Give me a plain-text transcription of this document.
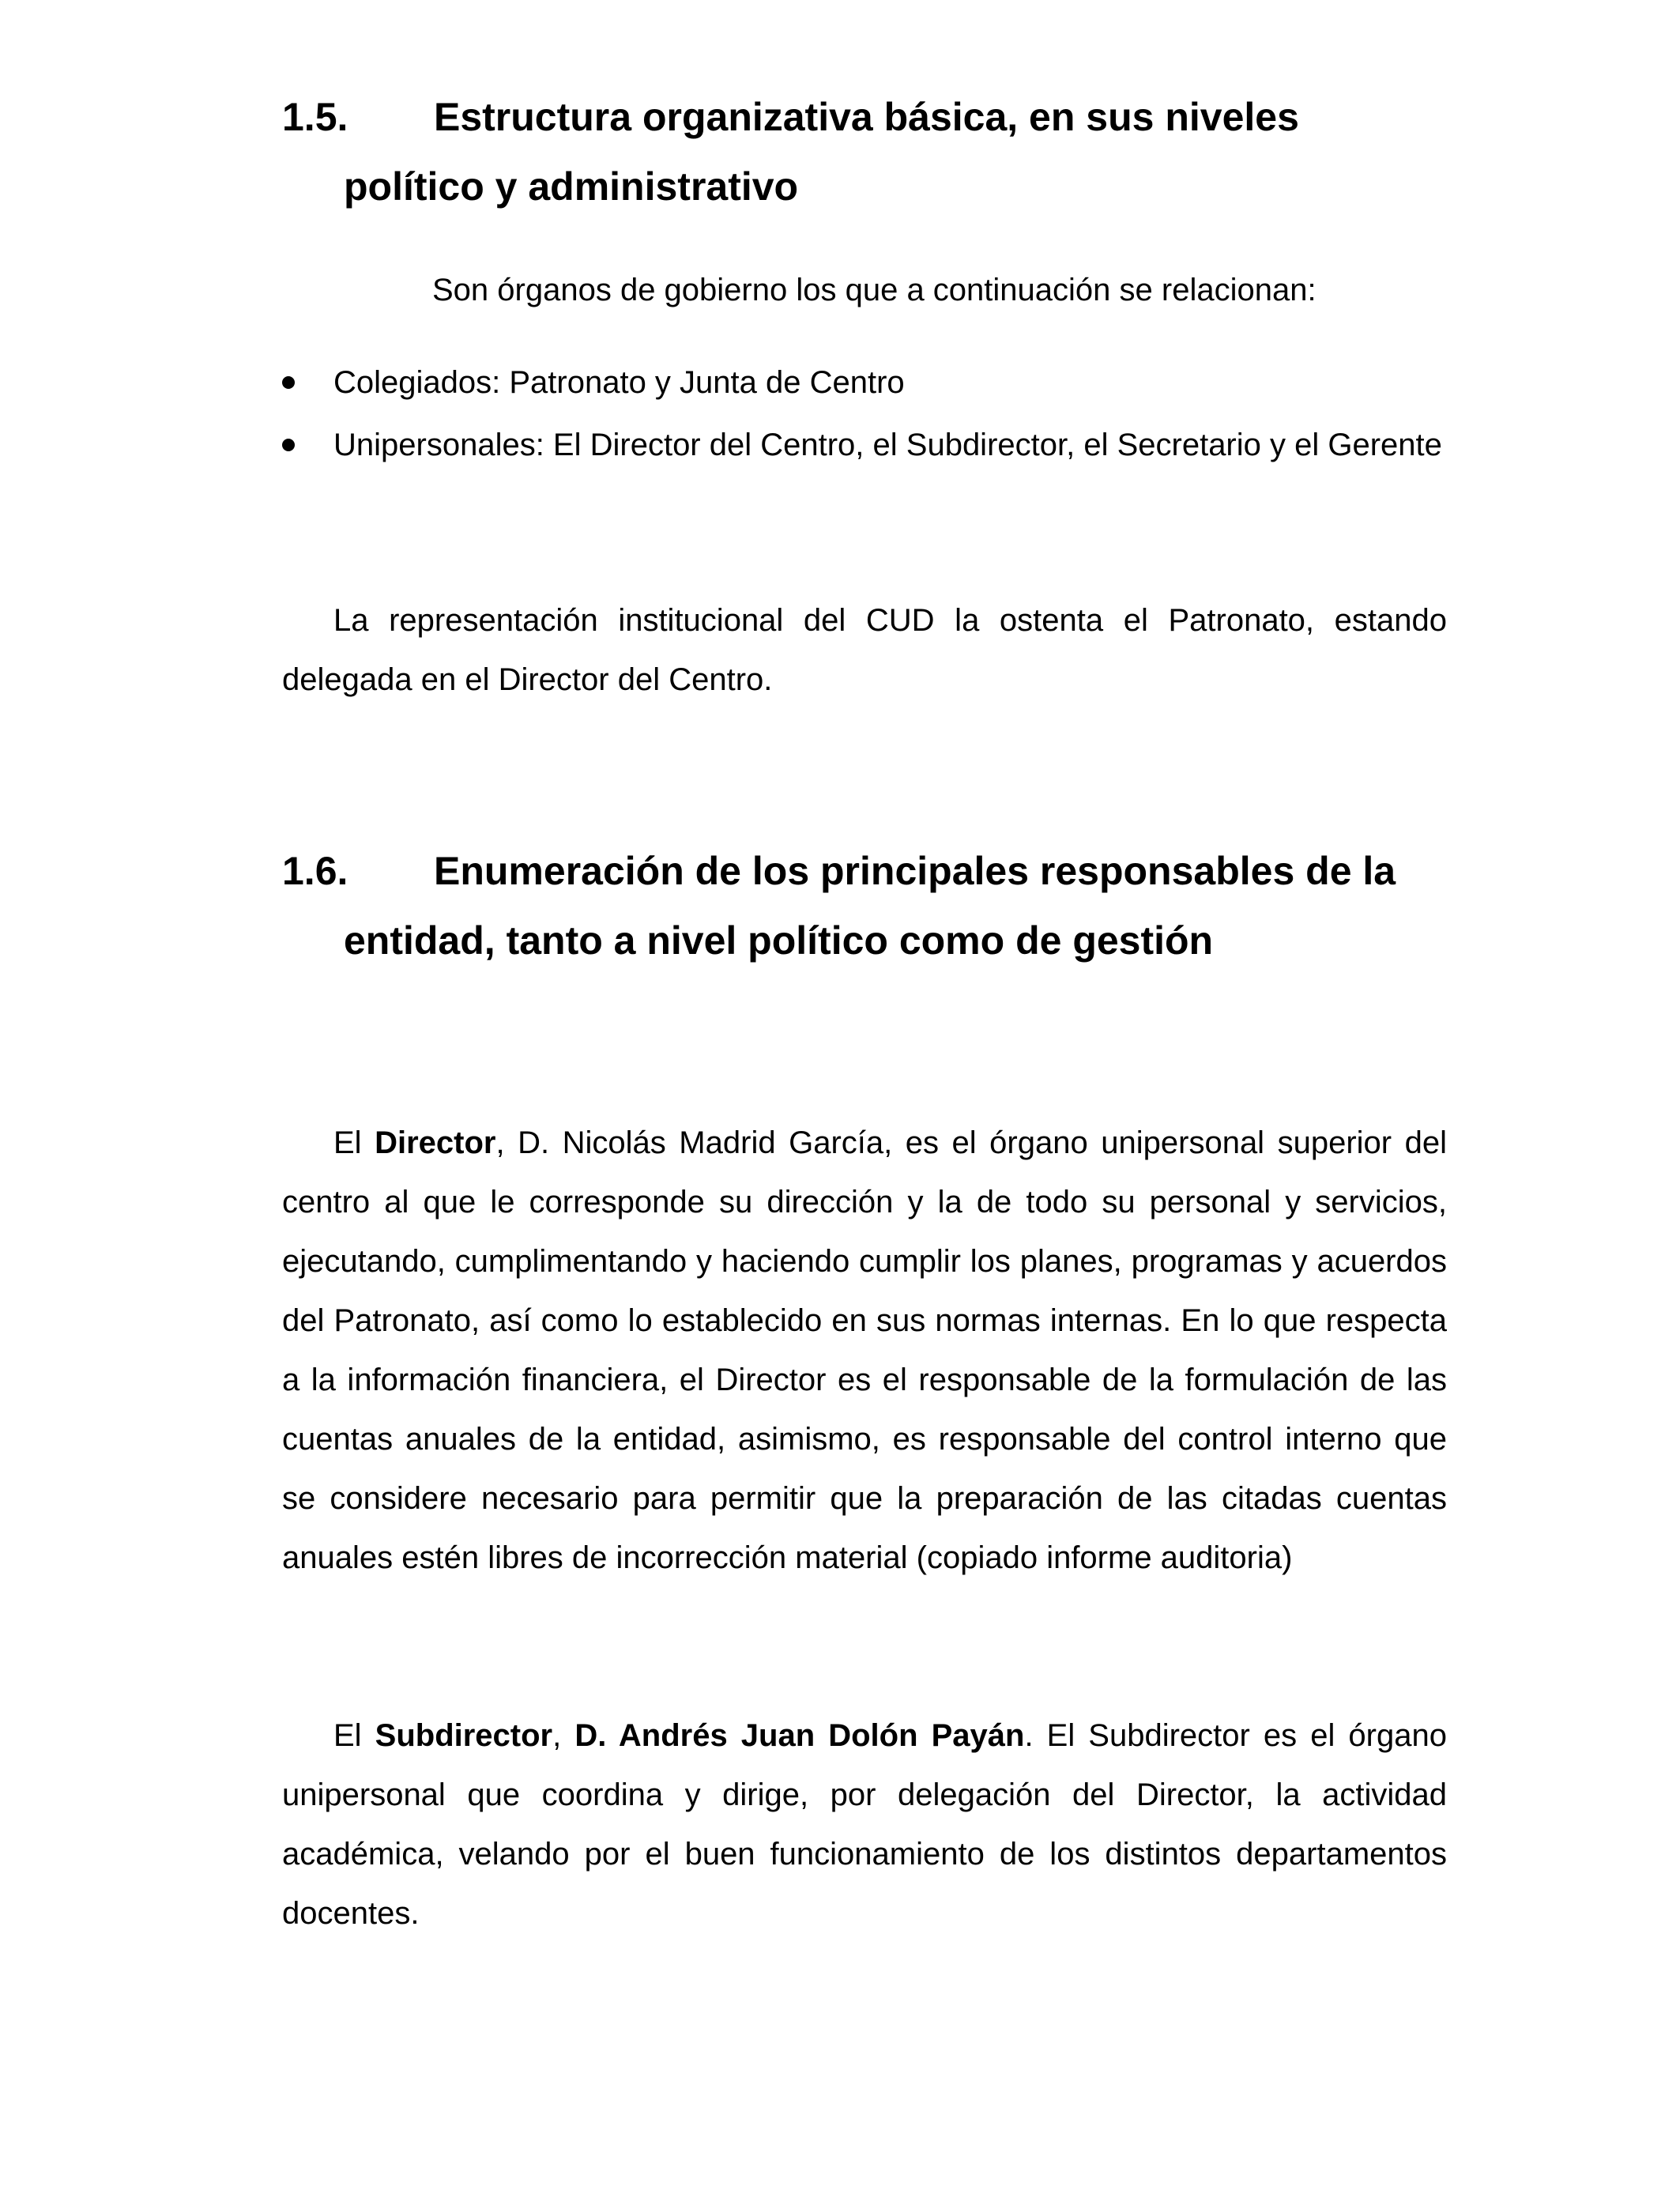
1.5. Estructura organizativa básica, en sus niveles
político y administrativo
Son órganos de gobierno los que a continuación se relacionan:
Colegiados: Patronato y Junta de Centro
Unipersonales: El Director del Centro, el Subdirector, el Secretario y el Gerente
La representación institucional del CUD la ostenta el Patronato, estando delegada en el Director del Centro.
1.6. Enumeración de los principales responsables de la
entidad, tanto a nivel político como de gestión
El Director, D. Nicolás Madrid García, es el órgano unipersonal superior del centro al que le corresponde su dirección y la de todo su personal y servicios, ejecutando, cumplimentando y haciendo cumplir los planes, programas y acuerdos del Patronato, así como lo establecido en sus normas internas. En lo que respecta a la información financiera, el Director es el responsable de la formulación de las cuentas anuales de la entidad, asimismo, es responsable del control interno que se considere necesario para permitir que la preparación de las citadas cuentas anuales estén libres de incorrección material (copiado informe auditoria)
El Subdirector, D. Andrés Juan Dolón Payán. El Subdirector es el órgano unipersonal que coordina y dirige, por delegación del Director, la actividad académica, velando por el buen funcionamiento de los distintos departamentos docentes.
